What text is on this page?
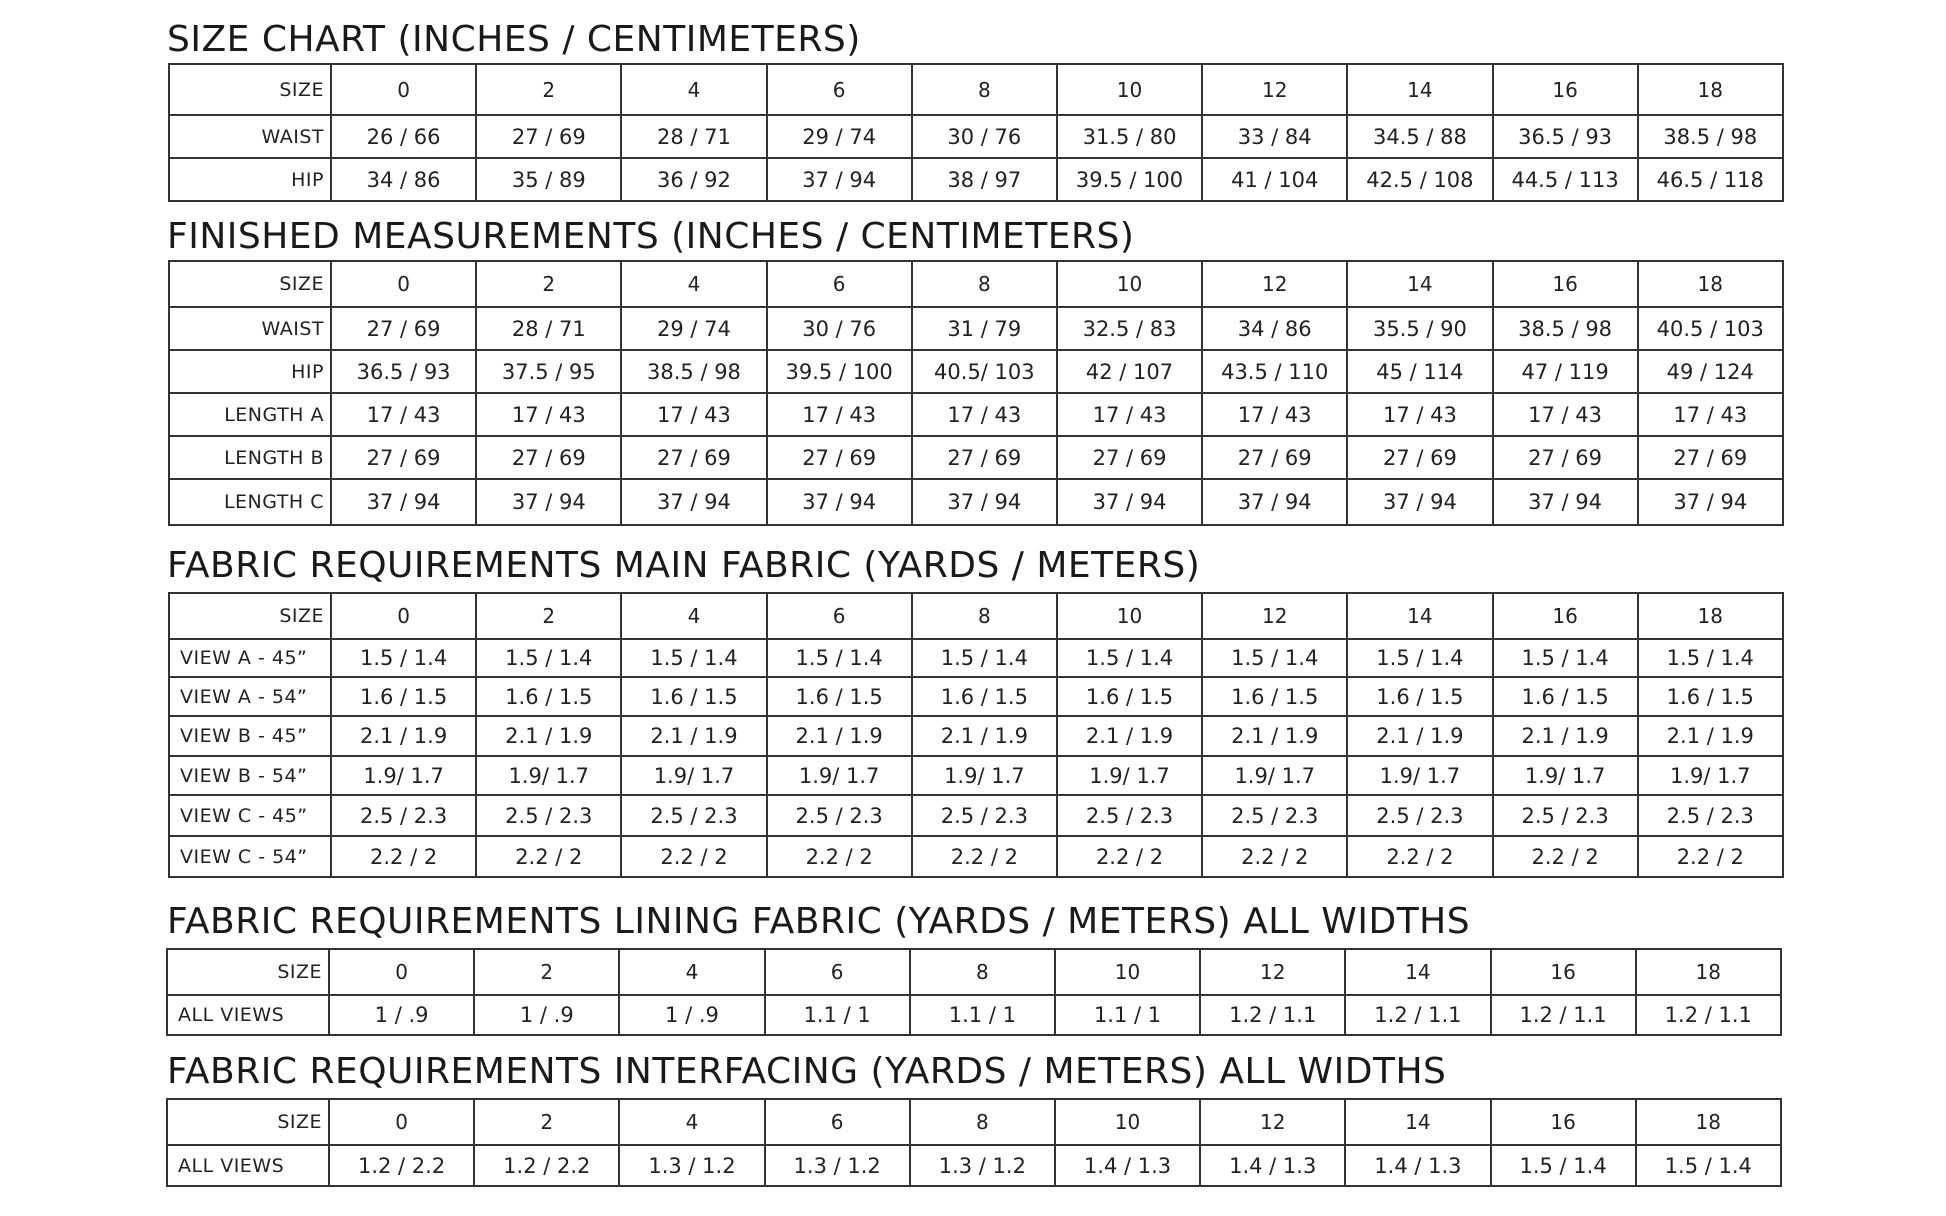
SIZE CHART (INCHES / CENTIMETERS)
SIZE	0	2	4	6	8	10	12	14	16	18
WAIST	26 / 66	27 / 69	28 / 71	29 / 74	30 / 76	31.5 / 80	33 / 84	34.5 / 88	36.5 / 93	38.5 / 98
HIP	34 / 86	35 / 89	36 / 92	37 / 94	38 / 97	39.5 / 100	41 / 104	42.5 / 108	44.5 / 113	46.5 / 118
FINISHED MEASUREMENTS (INCHES / CENTIMETERS)
SIZE	0	2	4	6	8	10	12	14	16	18
WAIST	27 / 69	28 / 71	29 / 74	30 / 76	31 / 79	32.5 / 83	34 / 86	35.5 / 90	38.5 / 98	40.5 / 103
HIP	36.5 / 93	37.5 / 95	38.5 / 98	39.5 / 100	40.5/ 103	42 / 107	43.5 / 110	45 / 114	47 / 119	49 / 124
LENGTH A	17 / 43	17 / 43	17 / 43	17 / 43	17 / 43	17 / 43	17 / 43	17 / 43	17 / 43	17 / 43
LENGTH B	27 / 69	27 / 69	27 / 69	27 / 69	27 / 69	27 / 69	27 / 69	27 / 69	27 / 69	27 / 69
LENGTH C	37 / 94	37 / 94	37 / 94	37 / 94	37 / 94	37 / 94	37 / 94	37 / 94	37 / 94	37 / 94
FABRIC REQUIREMENTS MAIN FABRIC (YARDS / METERS)
SIZE	0	2	4	6	8	10	12	14	16	18
VIEW A - 45”	1.5 / 1.4	1.5 / 1.4	1.5 / 1.4	1.5 / 1.4	1.5 / 1.4	1.5 / 1.4	1.5 / 1.4	1.5 / 1.4	1.5 / 1.4	1.5 / 1.4
VIEW A - 54”	1.6 / 1.5	1.6 / 1.5	1.6 / 1.5	1.6 / 1.5	1.6 / 1.5	1.6 / 1.5	1.6 / 1.5	1.6 / 1.5	1.6 / 1.5	1.6 / 1.5
VIEW B - 45”	2.1 / 1.9	2.1 / 1.9	2.1 / 1.9	2.1 / 1.9	2.1 / 1.9	2.1 / 1.9	2.1 / 1.9	2.1 / 1.9	2.1 / 1.9	2.1 / 1.9
VIEW B - 54”	1.9/ 1.7	1.9/ 1.7	1.9/ 1.7	1.9/ 1.7	1.9/ 1.7	1.9/ 1.7	1.9/ 1.7	1.9/ 1.7	1.9/ 1.7	1.9/ 1.7
VIEW C - 45”	2.5 / 2.3	2.5 / 2.3	2.5 / 2.3	2.5 / 2.3	2.5 / 2.3	2.5 / 2.3	2.5 / 2.3	2.5 / 2.3	2.5 / 2.3	2.5 / 2.3
VIEW C - 54”	2.2 / 2	2.2 / 2	2.2 / 2	2.2 / 2	2.2 / 2	2.2 / 2	2.2 / 2	2.2 / 2	2.2 / 2	2.2 / 2
FABRIC REQUIREMENTS LINING FABRIC (YARDS / METERS) ALL WIDTHS
SIZE	0	2	4	6	8	10	12	14	16	18
ALL VIEWS	1 / .9	1 / .9	1 / .9	1.1 / 1	1.1 / 1	1.1 / 1	1.2 / 1.1	1.2 / 1.1	1.2 / 1.1	1.2 / 1.1
FABRIC REQUIREMENTS INTERFACING (YARDS / METERS) ALL WIDTHS
SIZE	0	2	4	6	8	10	12	14	16	18
ALL VIEWS	1.2 / 2.2	1.2 / 2.2	1.3 / 1.2	1.3 / 1.2	1.3 / 1.2	1.4 / 1.3	1.4 / 1.3	1.4 / 1.3	1.5 / 1.4	1.5 / 1.4
